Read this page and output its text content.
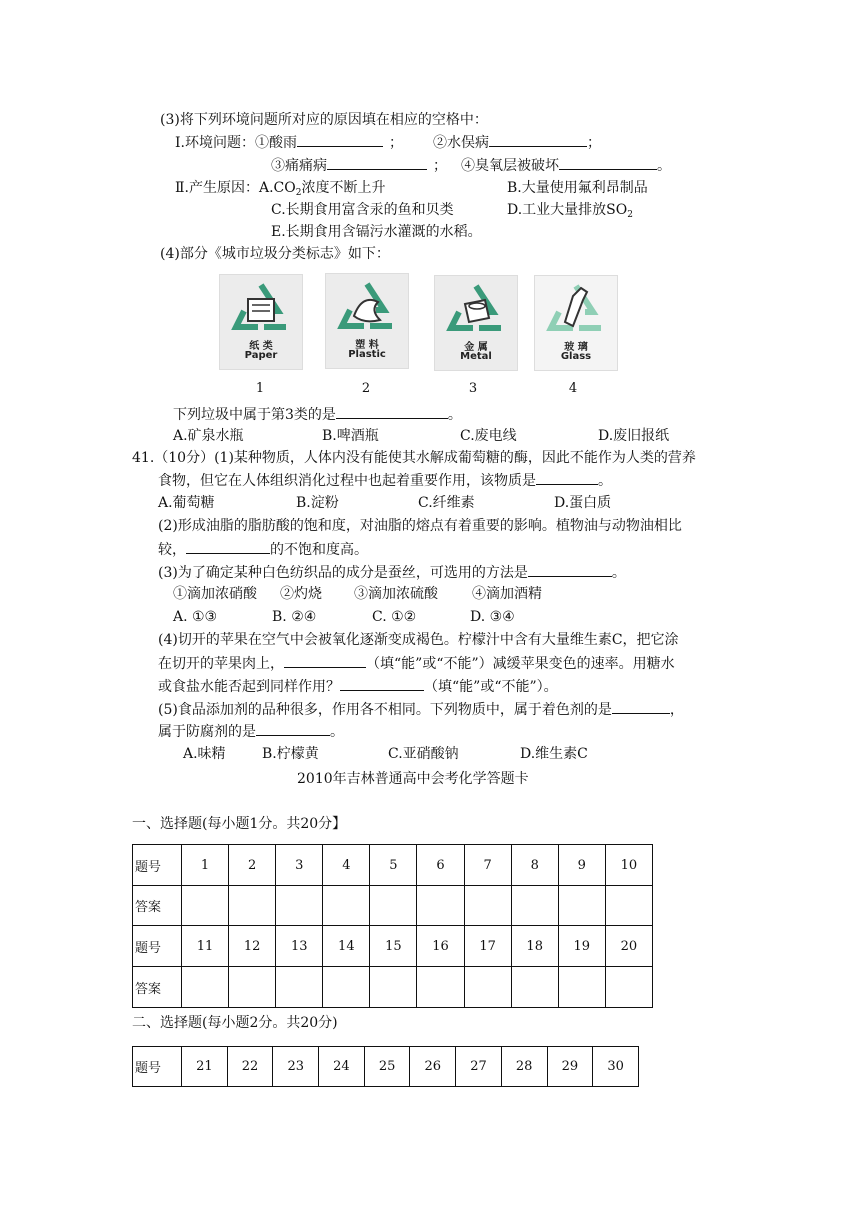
(3)将下列环境问题所对应的原因填在相应的空格中：
Ⅰ.环境问题：①酸雨	； ②水俣病	；
③痛痛病	； ④臭氧层被破坏	。
Ⅱ.产生原因：$A.CO_2$浓度不断上升	B.大量使用氟利昂制品
C.长期食用富含汞的鱼和贝类	D.工业大量排放$SO_2$
E.长期食用含镉污水灌溉的水稻。
(4)部分《城市垃圾分类标志》如下：
纸 类
Paper
塑 料
Plastic
金 属
Metal
玻 璃
Glass
1	2	3	4
下列垃圾中属于第3类的是	。
A.矿泉水瓶	B.啤酒瓶	C.废电线	D.废旧报纸
41.（10分）(1)某种物质，人体内没有能使其水解成葡萄糖的酶，因此不能作为人类的营养
食物，但它在人体组织消化过程中也起着重要作用，该物质是	。
A.葡萄糖	B.淀粉	C.纤维素	D.蛋白质
(2)形成油脂的脂肪酸的饱和度，对油脂的熔点有着重要的影响。植物油与动物油相比
较，	的不饱和度高。
(3)为了确定某种白色纺织品的成分是蚕丝，可选用的方法是	。
①滴加浓硝酸 ②灼烧 ③滴加浓硫酸 ④滴加酒精
A. ①③	B. ②④	C. ①②	D. ③④
(4)切开的苹果在空气中会被氧化逐渐变成褐色。柠檬汁中含有大量维生素C，把它涂
在切开的苹果肉上，	（填“能”或“不能”）减缓苹果变色的速率。用糖水
或食盐水能否起到同样作用？	（填“能”或“不能”）。
(5)食品添加剂的品种很多，作用各不相同。下列物质中，属于着色剂的是	，
属于防腐剂的是	。
A.味精	B.柠檬黄	C.亚硝酸钠	D.维生素C
2010年吉林普通高中会考化学答题卡
一、选择题(每小题1分。共20分】
题号	1	2	3	4	5	6	7	8	9	10
答案										
题号	11	12	13	14	15	16	17	18	19	20
答案										
二、选择题(每小题2分。共20分)
题号	21	22	23	24	25	26	27	28	29	30
